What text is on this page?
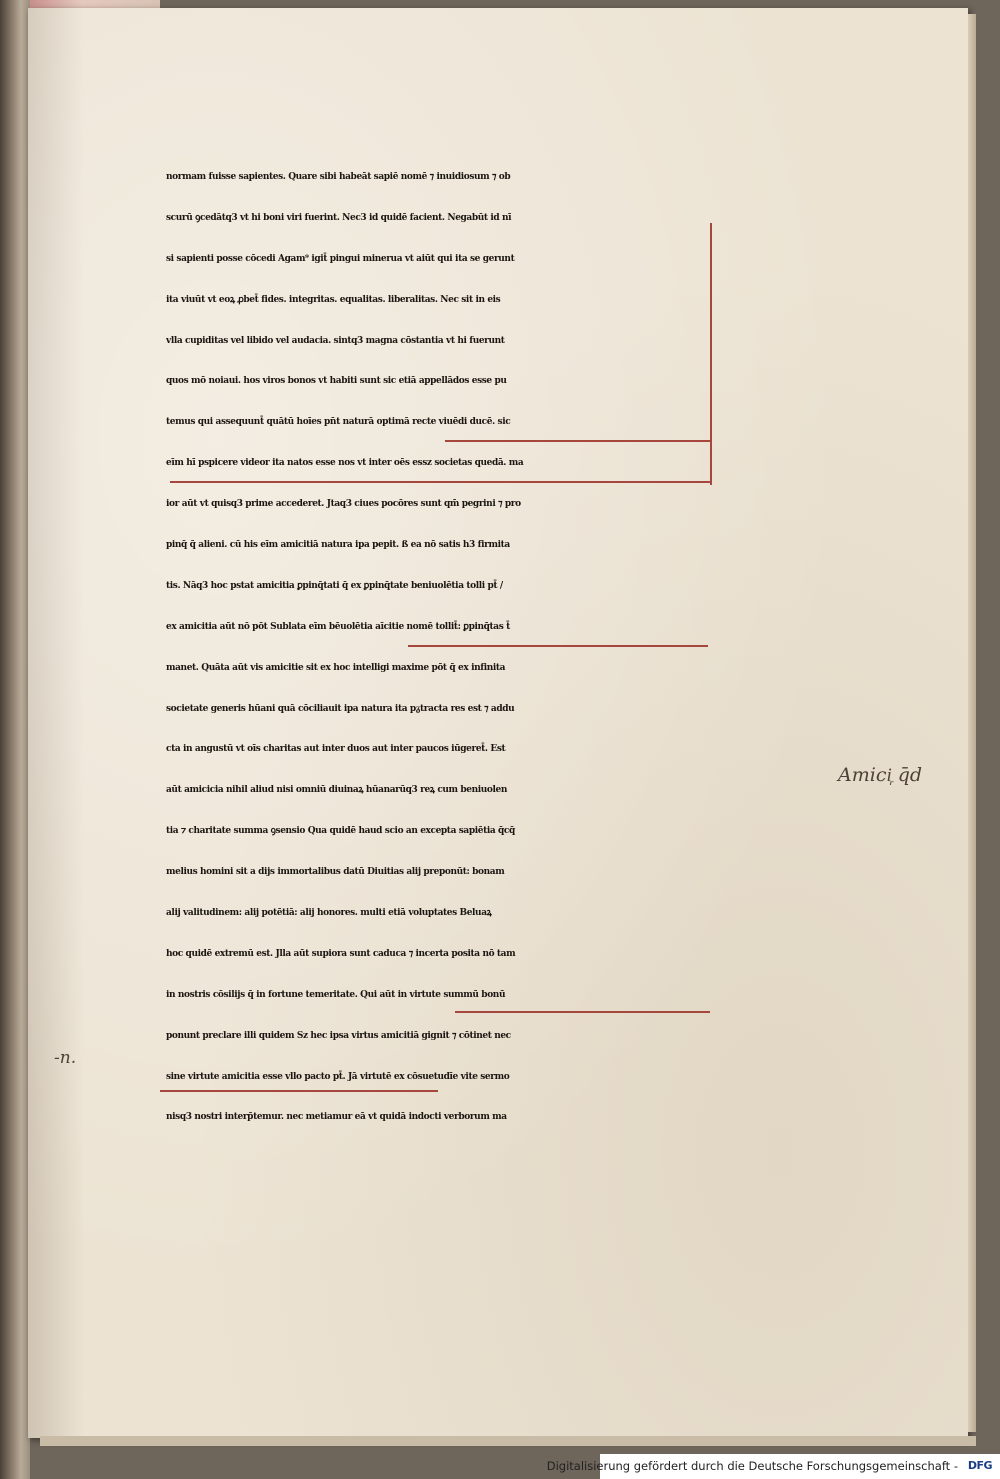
normam fuisse sapientes. Quare sibi habeāt sapiē nomē ⁊ inuidiosum ⁊ ob
scurū ꝯcedātq3 vt hi boni viri fuerint. Nec3 id quidē facient. Negabūt id nī
si sapienti posse cōcedi Agam⁹ igit̄ pingui minerua vt aiūt qui ita se gerunt
ita viuūt vt eoꝝ ꝓbet̄ fides. integritas. equalitas. liberalitas. Nec sit in eis
vlla cupiditas vel libido vel audacia. sintq3 magna cōstantia vt hi fuerunt
quos mō noiaui. hos viros bonos vt habiti sunt sic etiā appellādos esse pu
temus qui assequunt̄ quātū hoīes pn̄t naturā optimā recte viuēdi ducē. sic
eīm hī pspicere videor ita natos esse nos vt inter oēs essz societas quedā. ma
ior aūt vt quisq3 prime accederet. Jtaq3 ciues pocōres sunt qm̄ pegrini ⁊ pro
pinq̄ q̄ alieni. cū his eīm amicitiā natura ipa pepit. ß ea nō satis h3 firmita
tis. Nāq3 hoc pstat amicitia ꝑpinq̄tati q̄ ex ꝑpinq̄tate beniuolētia tolli pt̄ /
ex amicitia aūt nō pōt Sublata eīm bēuolētia aīcitie nomē tollit̄: ꝑpinq̄tas t̄
manet. Quāta aūt vis amicitie sit ex hoc intelligi maxime pōt q̄ ex infinita
societate generis hūani quā cōciliauit ipa natura ita pᵹtracta res est ⁊ addu
cta in angustū vt oīs charitas aut inter duos aut inter paucos iūgeret̄. Est
aūt amicicia nihil aliud nisi omniū diuinaꝝ hūanarūq3 reꝝ cum beniuolen
tia ⁊ charitate summa ꝯsensio Qua quidē haud scio an excepta sapiētia q̄cq̄
melius homini sit a dijs immortalibus datū Diuitias alij preponūt: bonam
alij valitudinem: alij potētiā: alij honores. multi etiā voluptates Beluaꝝ
hoc quidē extremū est. Jlla aūt supiora sunt caduca ⁊ incerta posita nō tam
in nostris cōsilijs q̄ in fortune temeritate. Qui aūt in virtute summū bonū
ponunt preclare illi quidem Sz hec ipsa virtus amicitiā gignit ⁊ cōtinet nec
sine virtute amicitia esse vllo pacto pt̄. Jā virtutē ex cōsuetudīe vite sermo
nisq3 nostri interp̄temur. nec metiamur eā vt quidā indocti verborum ma
Amici᷊ q̄d
-n.
Digitalisierung gefördert durch die Deutsche Forschungsgemeinschaft - DFG
